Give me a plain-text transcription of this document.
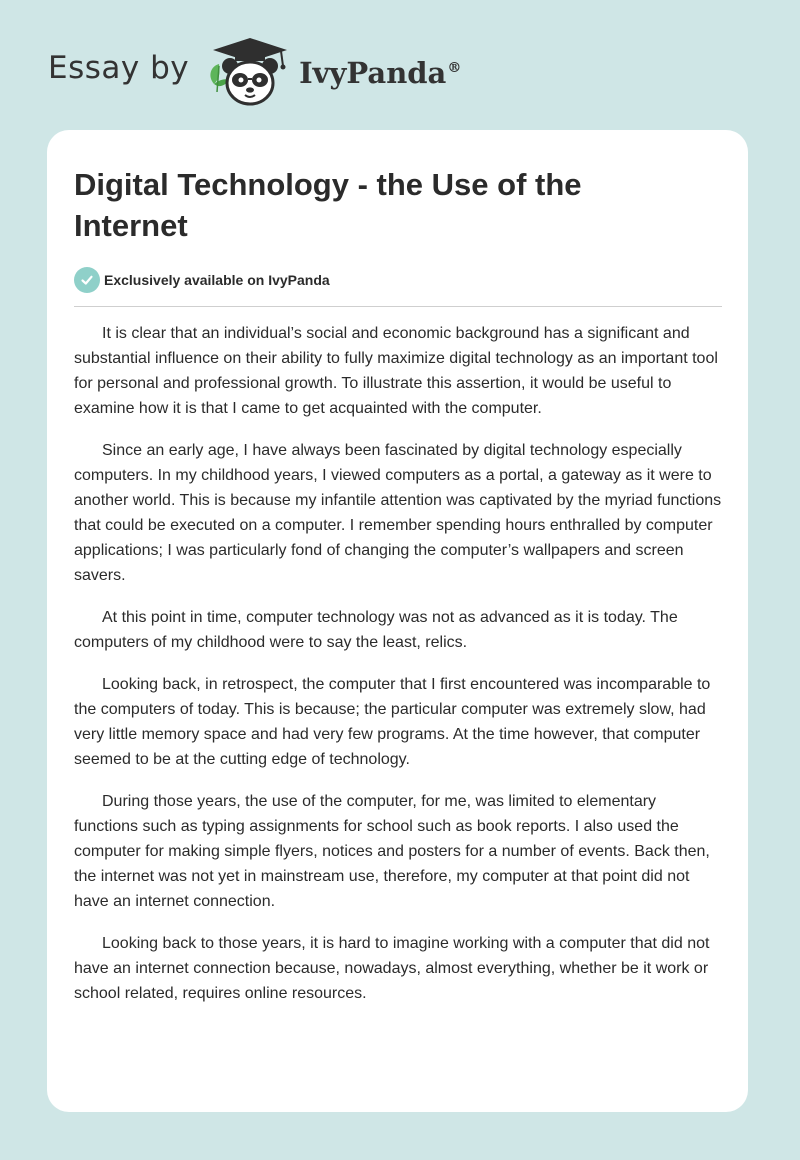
Essay by	IvyPanda®
Digital Technology - the Use of the Internet
Exclusively available on IvyPanda

It is clear that an individual’s social and economic background has a significant and substantial influence on their ability to fully maximize digital technology as an important tool for personal and professional growth. To illustrate this assertion, it would be useful to examine how it is that I came to get acquainted with the computer.

Since an early age, I have always been fascinated by digital technology especially computers. In my childhood years, I viewed computers as a portal, a gateway as it were to another world. This is because my infantile attention was captivated by the myriad functions that could be executed on a computer. I remember spending hours enthralled by computer applications; I was particularly fond of changing the computer’s wallpapers and screen savers.

At this point in time, computer technology was not as advanced as it is today. The computers of my childhood were to say the least, relics.

Looking back, in retrospect, the computer that I first encountered was incomparable to the computers of today. This is because; the particular computer was extremely slow, had very little memory space and had very few programs. At the time however, that computer seemed to be at the cutting edge of technology.

During those years, the use of the computer, for me, was limited to elementary functions such as typing assignments for school such as book reports. I also used the computer for making simple flyers, notices and posters for a number of events. Back then, the internet was not yet in mainstream use, therefore, my computer at that point did not have an internet connection.

Looking back to those years, it is hard to imagine working with a computer that did not have an internet connection because, nowadays, almost everything, whether be it work or school related, requires online resources.
